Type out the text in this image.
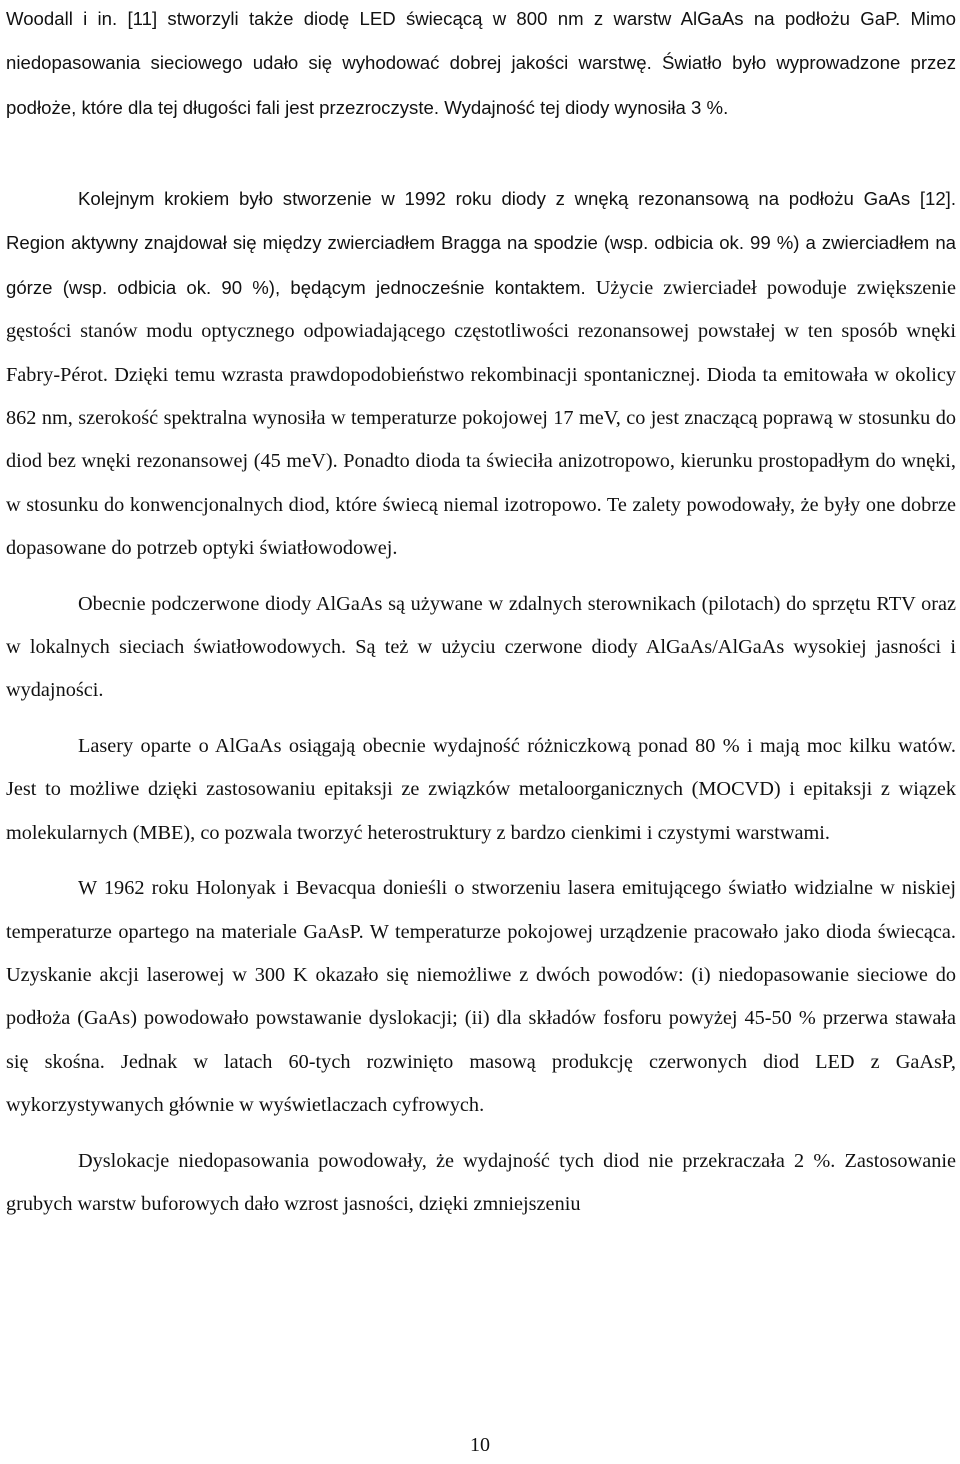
Woodall i in. [11] stworzyli także diodę LED świecącą w 800 nm z warstw AlGaAs na podłożu GaP. Mimo niedopasowania sieciowego udało się wyhodować dobrej jakości warstwę. Światło było wyprowadzone przez podłoże, które dla tej długości fali jest przezroczyste. Wydajność tej diody wynosiła 3 %.

Kolejnym krokiem było stworzenie w 1992 roku diody z wnęką rezonansową na podłożu GaAs [12]. Region aktywny znajdował się między zwierciadłem Bragga na spodzie (wsp. odbicia ok. 99 %) a zwierciadłem na górze (wsp. odbicia ok. 90 %), będącym jednocześnie kontaktem. Użycie zwierciadeł powoduje zwiększenie gęstości stanów modu optycznego odpowiadającego częstotliwości rezonansowej powstałej w ten sposób wnęki Fabry-Pérot. Dzięki temu wzrasta prawdopodobieństwo rekombinacji spontanicznej. Dioda ta emitowała w okolicy 862 nm, szerokość spektralna wynosiła w temperaturze pokojowej 17 meV, co jest znaczącą poprawą w stosunku do diod bez wnęki rezonansowej (45 meV). Ponadto dioda ta świeciła anizotropowo, kierunku prostopadłym do wnęki, w stosunku do konwencjonalnych diod, które świecą niemal izotropowo. Te zalety powodowały, że były one dobrze dopasowane do potrzeb optyki światłowodowej.

Obecnie podczerwone diody AlGaAs są używane w zdalnych sterownikach (pilotach) do sprzętu RTV oraz w lokalnych sieciach światłowodowych. Są też w użyciu czerwone diody AlGaAs/AlGaAs wysokiej jasności i wydajności.

Lasery oparte o AlGaAs osiągają obecnie wydajność różniczkową ponad 80 % i mają moc kilku watów. Jest to możliwe dzięki zastosowaniu epitaksji ze związków metaloorganicznych (MOCVD) i epitaksji z wiązek molekularnych (MBE), co pozwala tworzyć heterostruktury z bardzo cienkimi i czystymi warstwami.

W 1962 roku Holonyak i Bevacqua donieśli o stworzeniu lasera emitującego światło widzialne w niskiej temperaturze opartego na materiale GaAsP. W temperaturze pokojowej urządzenie pracowało jako dioda świecąca. Uzyskanie akcji laserowej w 300 K okazało się niemożliwe z dwóch powodów: (i) niedopasowanie sieciowe do podłoża (GaAs) powodowało powstawanie dyslokacji; (ii) dla składów fosforu powyżej 45-50 % przerwa stawała się skośna. Jednak w latach 60-tych rozwinięto masową produkcję czerwonych diod LED z GaAsP, wykorzystywanych głównie w wyświetlaczach cyfrowych.

Dyslokacje niedopasowania powodowały, że wydajność tych diod nie przekraczała 2 %. Zastosowanie grubych warstw buforowych dało wzrost jasności, dzięki zmniejszeniu

10
